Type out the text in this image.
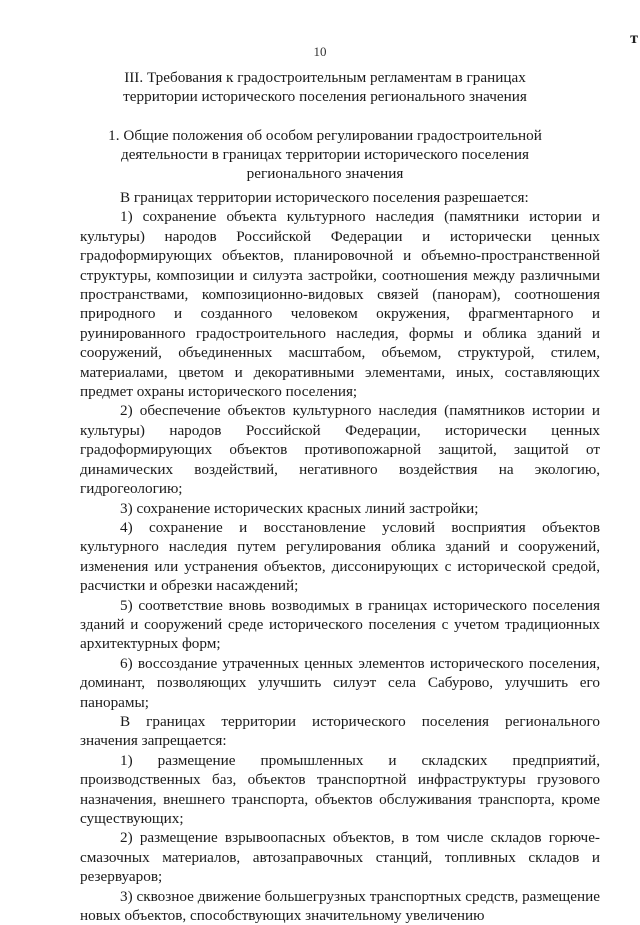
10
т
III. Требования к градостроительным регламентам в границах территории исторического поселения регионального значения
1. Общие положения об особом регулировании градостроительной деятельности в границах территории исторического поселения регионального значения

В границах территории исторического поселения разрешается:

1) сохранение объекта культурного наследия (памятники истории и культуры) народов Российской Федерации и исторически ценных градоформирующих объектов, планировочной и объемно-пространственной структуры, композиции и силуэта застройки, соотношения между различными пространствами, композиционно-видовых связей (панорам), соотношения природного и созданного человеком окружения, фрагментарного и руинированного градостроительного наследия, формы и облика зданий и сооружений, объединенных масштабом, объемом, структурой, стилем, материалами, цветом и декоративными элементами, иных, составляющих предмет охраны исторического поселения;

2) обеспечение объектов культурного наследия (памятников истории и культуры) народов Российской Федерации, исторически ценных градоформирующих объектов противопожарной защитой, защитой от динамических воздействий, негативного воздействия на экологию, гидрогеологию;

3) сохранение исторических красных линий застройки;

4) сохранение и восстановление условий восприятия объектов культурного наследия путем регулирования облика зданий и сооружений, изменения или устранения объектов, диссонирующих с исторической средой, расчистки и обрезки насаждений;

5) соответствие вновь возводимых в границах исторического поселения зданий и сооружений среде исторического поселения с учетом традиционных архитектурных форм;

6) воссоздание утраченных ценных элементов исторического поселения, доминант, позволяющих улучшить силуэт села Сабурово, улучшить его панорамы;

В границах территории исторического поселения регионального значения запрещается:

1) размещение промышленных и складских предприятий, производственных баз, объектов транспортной инфраструктуры грузового назначения, внешнего транспорта, объектов обслуживания транспорта, кроме существующих;

2) размещение взрывоопасных объектов, в том числе складов горюче-смазочных материалов, автозаправочных станций, топливных складов и резервуаров;

3) сквозное движение большегрузных транспортных средств, размещение новых объектов, способствующих значительному увеличению
